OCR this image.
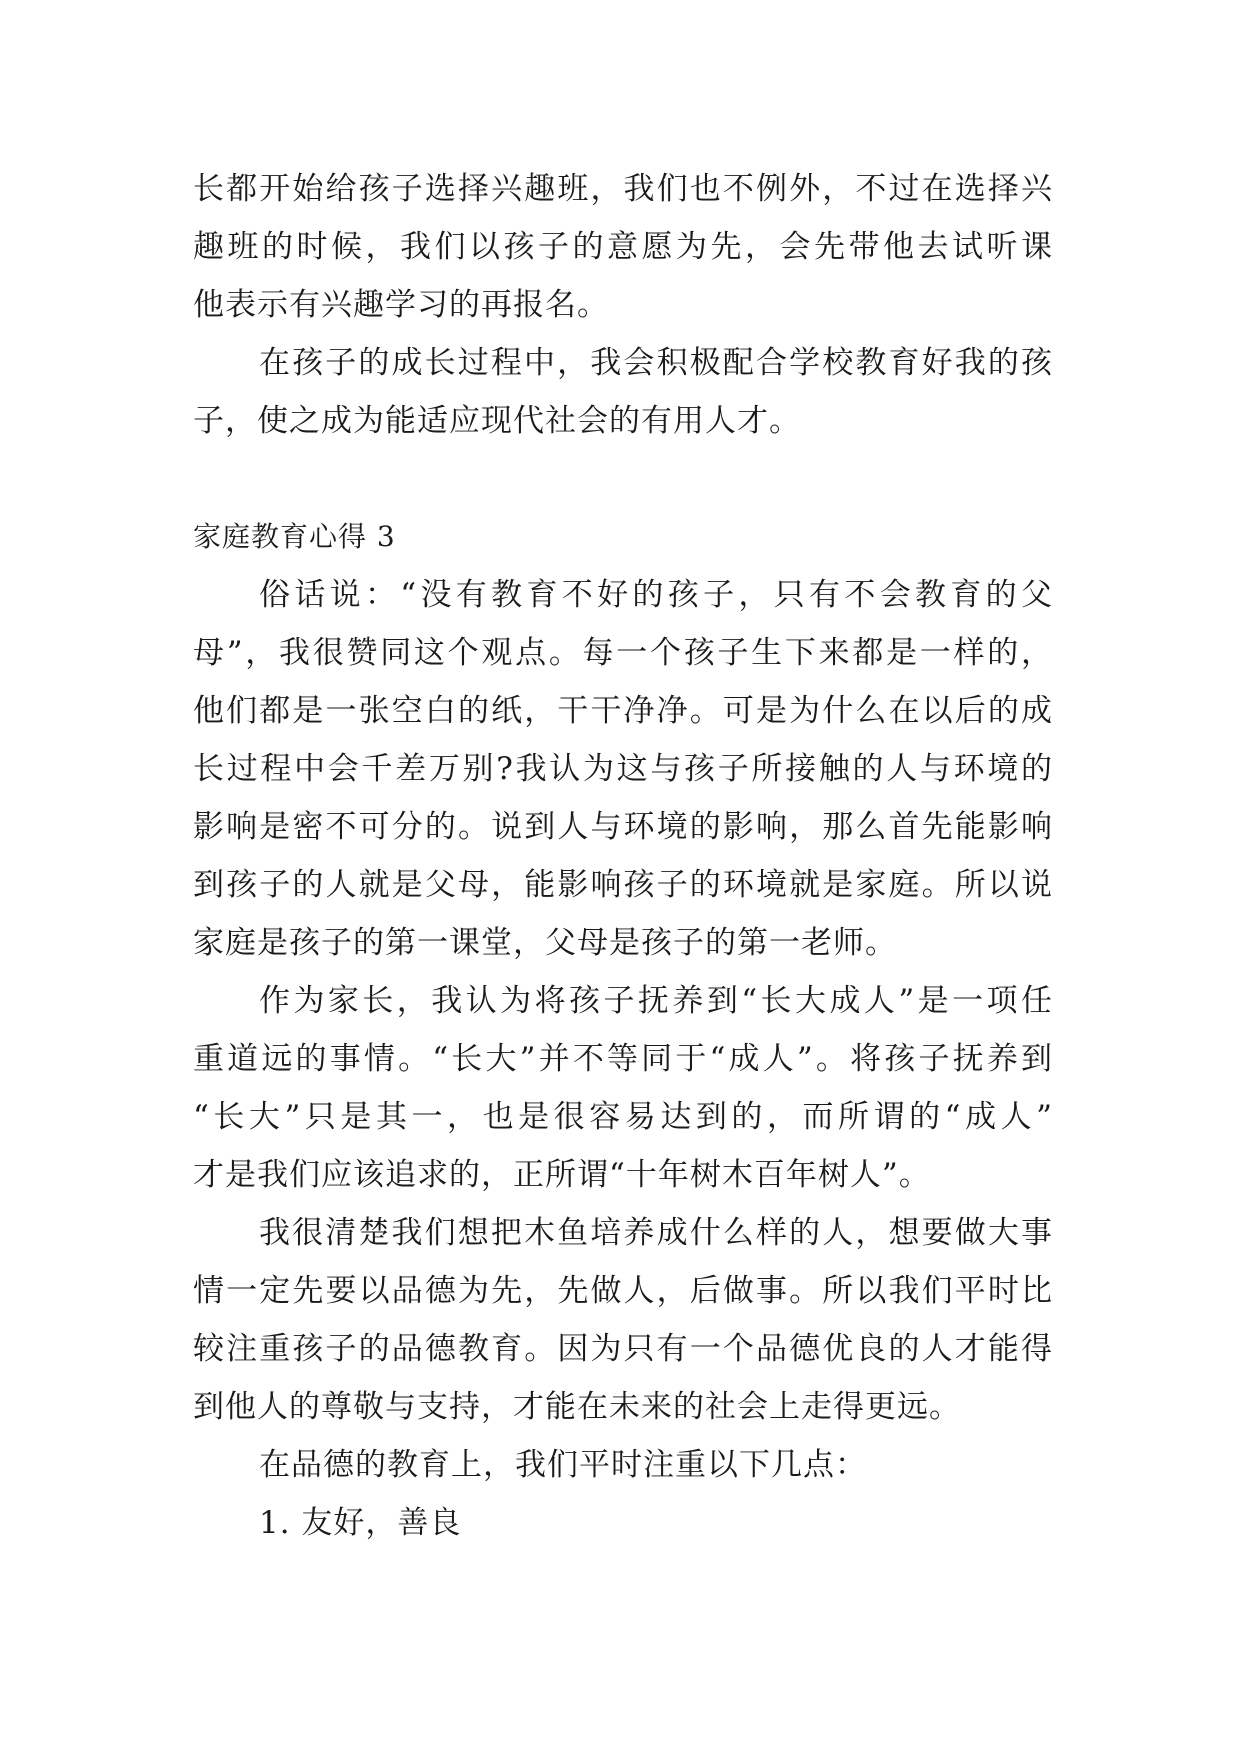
长都开始给孩子选择兴趣班，我们也不例外，不过在选择兴
趣班的时候，我们以孩子的意愿为先，会先带他去试听课
他表示有兴趣学习的再报名。
在孩子的成长过程中，我会积极配合学校教育好我的孩
子，使之成为能适应现代社会的有用人才。
家庭教育心得 3
俗话说：“没有教育不好的孩子，只有不会教育的父
母”，我很赞同这个观点。每一个孩子生下来都是一样的，
他们都是一张空白的纸，干干净净。可是为什么在以后的成
长过程中会千差万别?我认为这与孩子所接触的人与环境的
影响是密不可分的。说到人与环境的影响，那么首先能影响
到孩子的人就是父母，能影响孩子的环境就是家庭。所以说
家庭是孩子的第一课堂，父母是孩子的第一老师。
作为家长，我认为将孩子抚养到“长大成人”是一项任
重道远的事情。“长大”并不等同于“成人”。将孩子抚养到
“长大”只是其一，也是很容易达到的，而所谓的“成人”
才是我们应该追求的，正所谓“十年树木百年树人”。
我很清楚我们想把木鱼培养成什么样的人，想要做大事
情一定先要以品德为先，先做人，后做事。所以我们平时比
较注重孩子的品德教育。因为只有一个品德优良的人才能得
到他人的尊敬与支持，才能在未来的社会上走得更远。
在品德的教育上，我们平时注重以下几点：
1. 友好，善良
